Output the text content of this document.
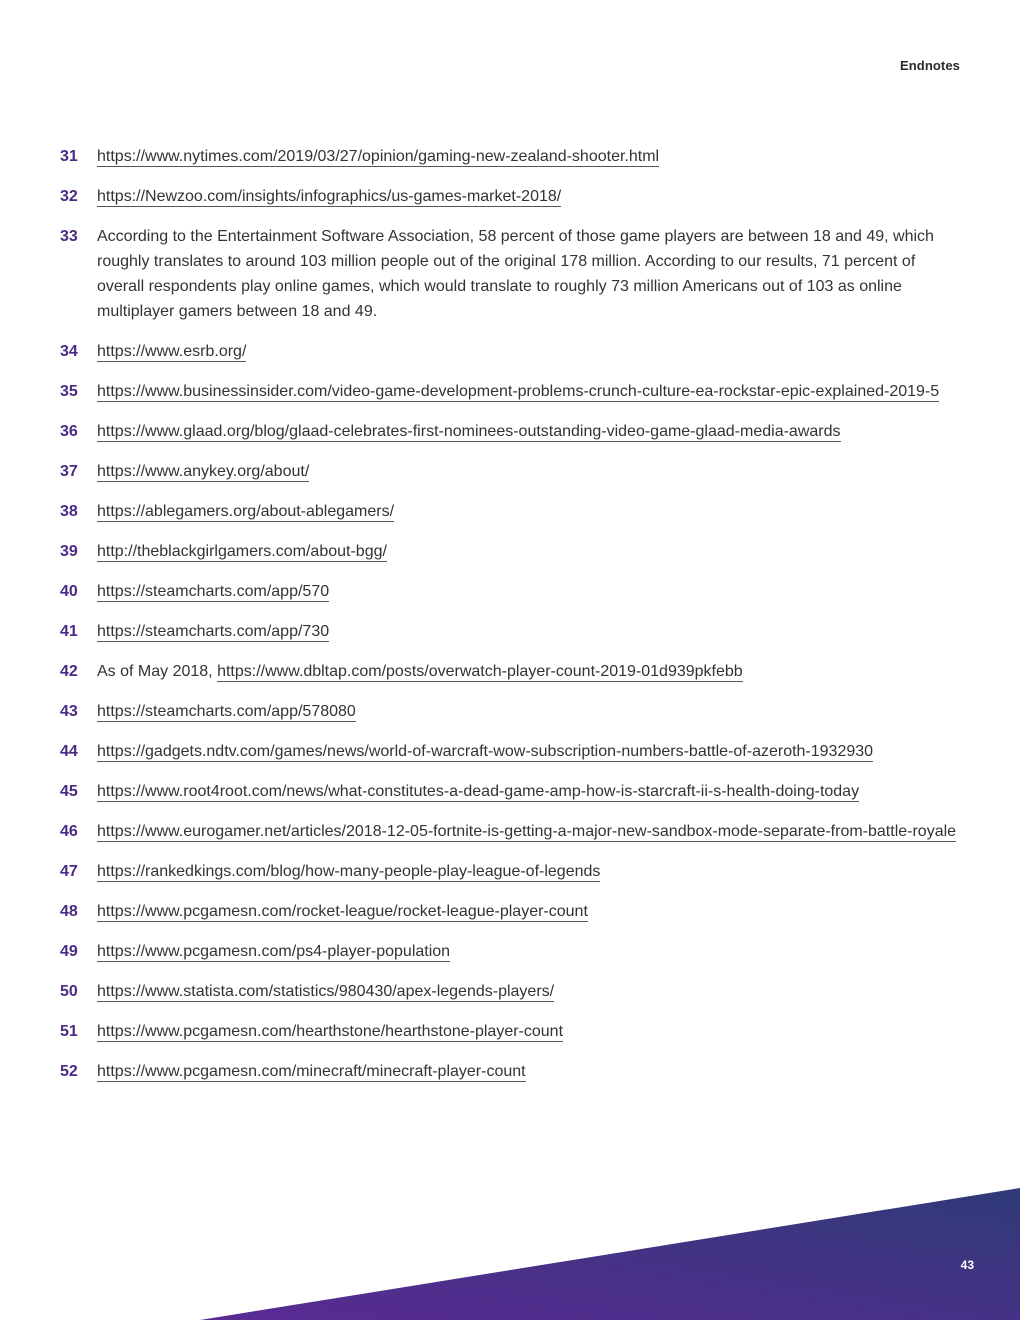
Endnotes
31	https://www.nytimes.com/2019/03/27/opinion/gaming-new-zealand-shooter.html
32	https://Newzoo.com/insights/infographics/us-games-market-2018/
33	According to the Entertainment Software Association, 58 percent of those game players are between 18 and 49, which roughly translates to around 103 million people out of the original 178 million. According to our results, 71 percent of overall respondents play online games, which would translate to roughly 73 million Americans out of 103 as online multiplayer gamers between 18 and 49.
34	https://www.esrb.org/
35	https://www.businessinsider.com/video-game-development-problems-crunch-culture-ea-rockstar-epic-explained-2019-5
36	https://www.glaad.org/blog/glaad-celebrates-first-nominees-outstanding-video-game-glaad-media-awards
37	https://www.anykey.org/about/
38	https://ablegamers.org/about-ablegamers/
39	http://theblackgirlgamers.com/about-bgg/
40	https://steamcharts.com/app/570
41	https://steamcharts.com/app/730
42	As of May 2018, https://www.dbltap.com/posts/overwatch-player-count-2019-01d939pkfebb
43	https://steamcharts.com/app/578080
44	https://gadgets.ndtv.com/games/news/world-of-warcraft-wow-subscription-numbers-battle-of-azeroth-1932930
45	https://www.root4root.com/news/what-constitutes-a-dead-game-amp-how-is-starcraft-ii-s-health-doing-today
46	https://www.eurogamer.net/articles/2018-12-05-fortnite-is-getting-a-major-new-sandbox-mode-separate-from-battle-royale
47	https://rankedkings.com/blog/how-many-people-play-league-of-legends
48	https://www.pcgamesn.com/rocket-league/rocket-league-player-count
49	https://www.pcgamesn.com/ps4-player-population
50	https://www.statista.com/statistics/980430/apex-legends-players/
51	https://www.pcgamesn.com/hearthstone/hearthstone-player-count
52	https://www.pcgamesn.com/minecraft/minecraft-player-count
43
